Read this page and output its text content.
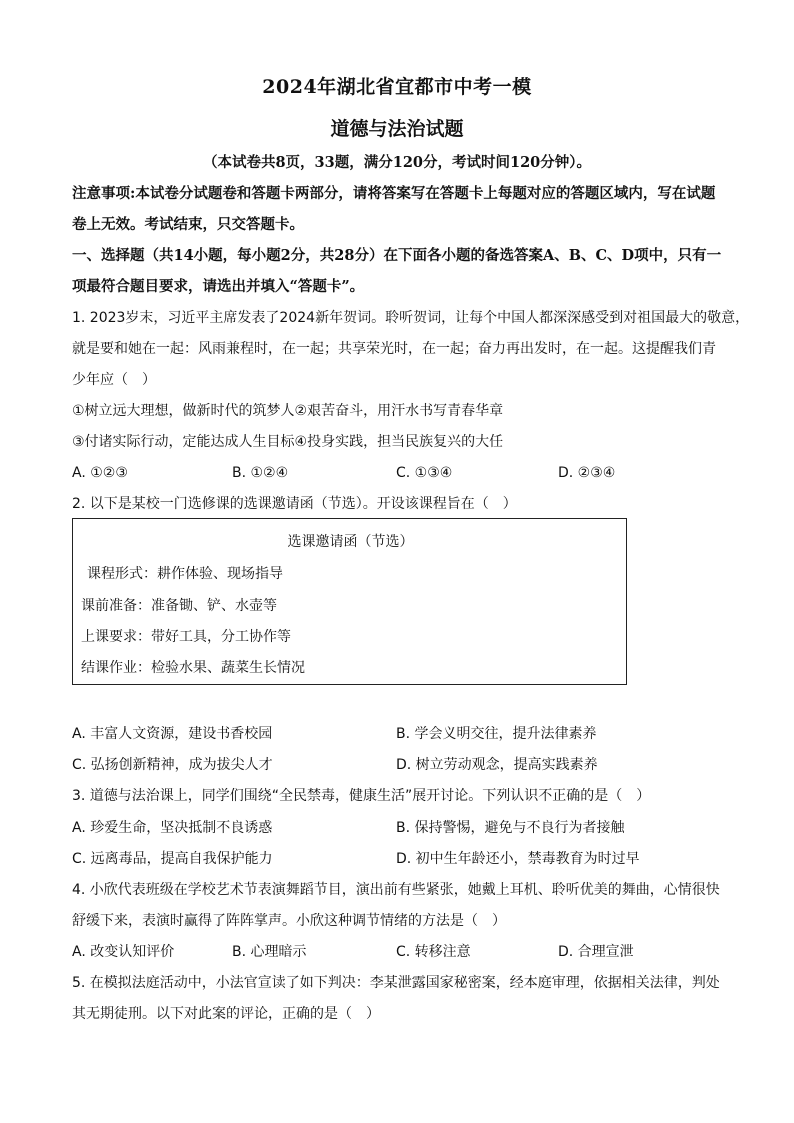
2024年湖北省宜都市中考一模
道德与法治试题
（本试卷共8页，33题，满分120分，考试时间120分钟）。
注意事项:本试卷分试题卷和答题卡两部分，请将答案写在答题卡上每题对应的答题区域内，写在试题卷上无效。考试结束，只交答题卡。
一、选择题（共14小题，每小题2分，共28分）在下面各小题的备选答案A、B、C、D项中，只有一项最符合题目要求，请选出并填入“答题卡”。
1. 2023岁末，习近平主席发表了2024新年贺词。聆听贺词，让每个中国人都深深感受到对祖国最大的敬意，
就是要和她在一起：风雨兼程时，在一起；共享荣光时，在一起；奋力再出发时，在一起。这提醒我们青
少年应（　）
①树立远大理想，做新时代的筑梦人②艰苦奋斗，用汗水书写青春华章
③付诸实际行动，定能达成人生目标④投身实践，担当民族复兴的大任
A. ①②③	B. ①②④	C. ①③④	D. ②③④
2. 以下是某校一门选修课的选课邀请函（节选）。开设该课程旨在（　）
选课邀请函（节选）
课程形式：耕作体验、现场指导
课前准备：准备锄、铲、水壶等
上课要求：带好工具，分工协作等
结课作业：检验水果、蔬菜生长情况
A. 丰富人文资源，建设书香校园	B. 学会义明交往，提升法律素养
C. 弘扬创新精神，成为拔尖人才	D. 树立劳动观念，提高实践素养
3. 道德与法治课上，同学们围绕“全民禁毒，健康生活”展开讨论。下列认识不正确的是（　）
A. 珍爱生命，坚决抵制不良诱惑	B. 保持警惕，避免与不良行为者接触
C. 远离毒品，提高自我保护能力	D. 初中生年龄还小，禁毒教育为时过早
4. 小欣代表班级在学校艺术节表演舞蹈节目，演出前有些紧张，她戴上耳机、聆听优美的舞曲，心情很快
舒缓下来，表演时赢得了阵阵掌声。小欣这种调节情绪的方法是（　）
A. 改变认知评价	B. 心理暗示	C. 转移注意	D. 合理宣泄
5. 在模拟法庭活动中，小法官宣读了如下判决：李某泄露国家秘密案，经本庭审理，依据相关法律，判处
其无期徒刑。以下对此案的评论，正确的是（　）
